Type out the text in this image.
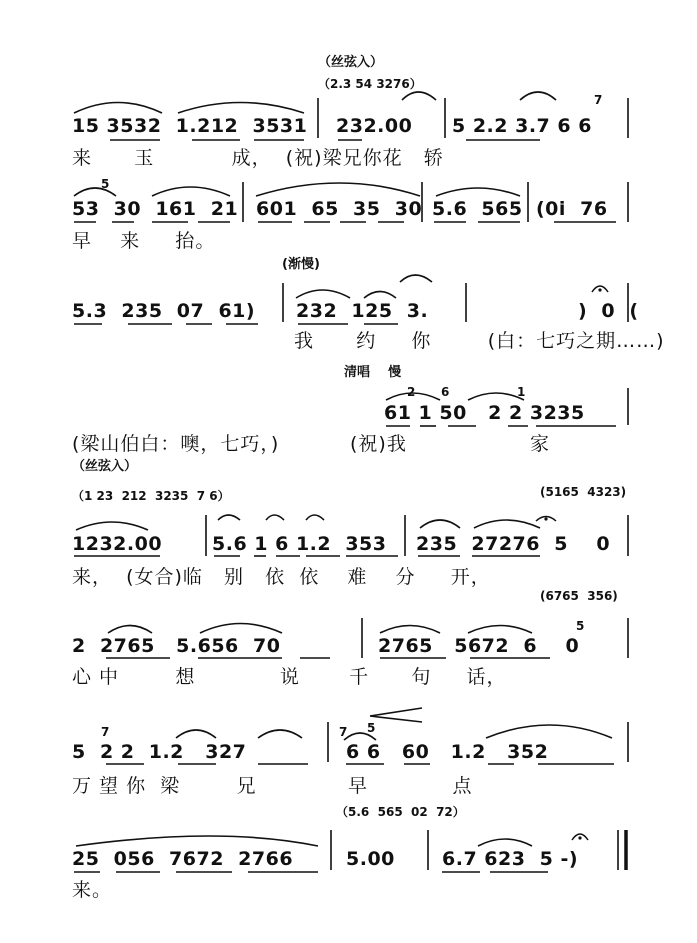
（丝弦入）
（2.3 54 3276）
15 3532  1.212  3531 232.00 5 2.2 3.7 6 6
7
来      玉           成，  (祝)梁兄你花   轿
53  30  161  21
5
601  65  35  30 5.6  565 (0i  76
早    来     抬。
(渐慢)
5.3  235  07  61) 232  125  3.	)  0  (
我      约     你        (白：七巧之期……)
清唱    慢
61 1 50   2 2 3235
2 6	1
(梁山伯白：噢，七巧，)	(祝)我	家
（丝弦入）
（1 23  212  3235  7 6）	(5165  4323)
1232.00	5.6 1 6 1.2  353 235  27276  5    0
来，  (女合)临   别   依  依    难    分     开，
(6765  356)
2  2765   5.656  70	2765   5672  6    0
5
心 中        想            说       千      句     话，
5  2 2  1.2   327
7
6 6   60   1.2   352
7 5
万 望 你  梁        兄             早            点
（5.6  565  02  72）
25  056  7672  2766	5.00 6.7 623  5 -)
来。
